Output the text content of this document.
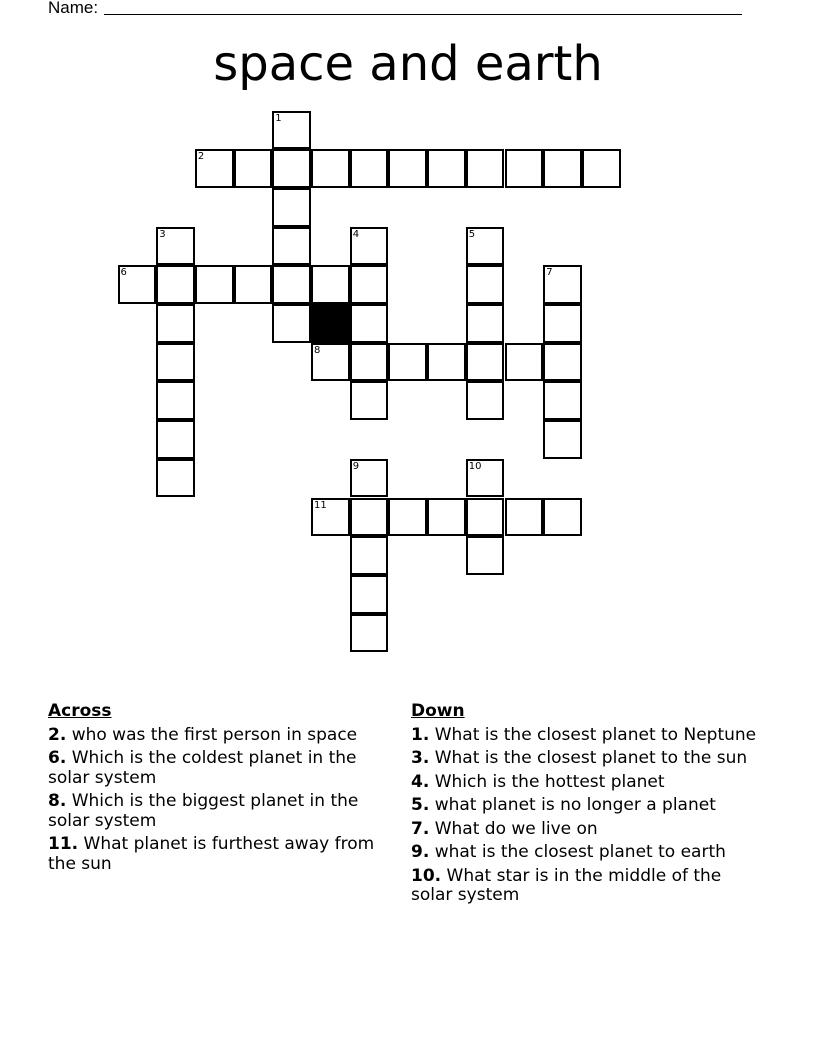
Name:
space and earth
1
2
3	4	5
6	7
8
9	10
11
Across
2. who was the first person in space
6. Which is the coldest planet in the solar system
8. Which is the biggest planet in the solar system
11. What planet is furthest away from the sun
Down
1. What is the closest planet to Neptune
3. What is the closest planet to the sun
4. Which is the hottest planet
5. what planet is no longer a planet
7. What do we live on
9. what is the closest planet to earth
10. What star is in the middle of the solar system
